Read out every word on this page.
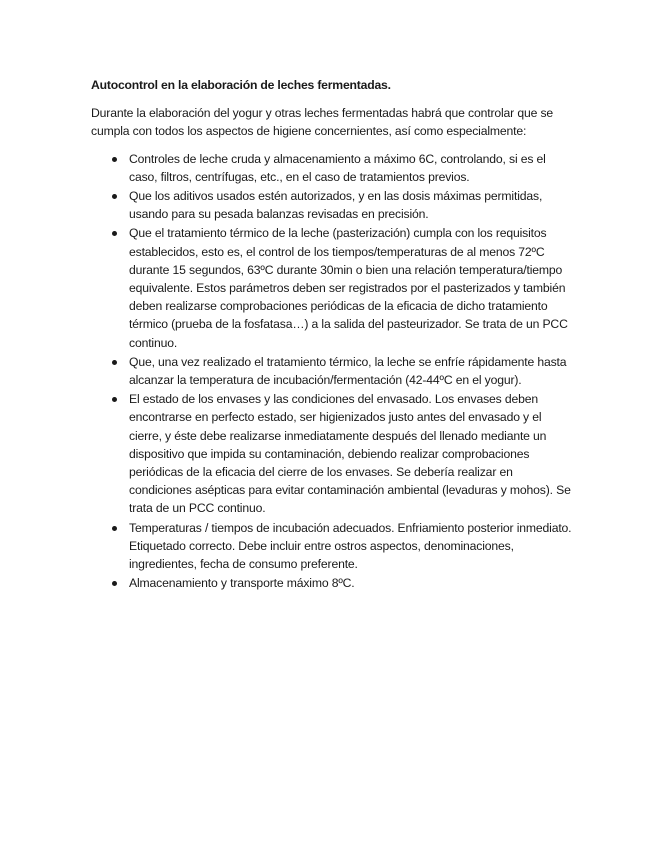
Autocontrol en la elaboración de leches fermentadas.

Durante la elaboración del yogur y otras leches fermentadas habrá que controlar que se cumpla con todos los aspectos de higiene concernientes, así como especialmente:

Controles de leche cruda y almacenamiento a máximo 6C, controlando, si es el caso, filtros, centrífugas, etc., en el caso de tratamientos previos.
Que los aditivos usados estén autorizados, y en las dosis máximas permitidas, usando para su pesada balanzas revisadas en precisión.
Que el tratamiento térmico de la leche (pasterización) cumpla con los requisitos establecidos, esto es, el control de los tiempos/temperaturas de al menos 72ºC durante 15 segundos, 63ºC durante 30min o bien una relación temperatura/tiempo equivalente. Estos parámetros deben ser registrados por el pasterizados y también deben realizarse comprobaciones periódicas de la eficacia de dicho tratamiento térmico (prueba de la fosfatasa…) a la salida del pasteurizador. Se trata de un PCC continuo.
Que, una vez realizado el tratamiento térmico, la leche se enfríe rápidamente hasta alcanzar la temperatura de incubación/fermentación (42-44ºC en el yogur).
El estado de los envases y las condiciones del envasado. Los envases deben encontrarse en perfecto estado, ser higienizados justo antes del envasado y el cierre, y éste debe realizarse inmediatamente después del llenado mediante un dispositivo que impida su contaminación, debiendo realizar comprobaciones periódicas de la eficacia del cierre de los envases. Se debería realizar en condiciones asépticas para evitar contaminación ambiental (levaduras y mohos). Se trata de un PCC continuo.
Temperaturas / tiempos de incubación adecuados. Enfriamiento posterior inmediato. Etiquetado correcto. Debe incluir entre ostros aspectos, denominaciones, ingredientes, fecha de consumo preferente.
Almacenamiento y transporte máximo 8ºC.
